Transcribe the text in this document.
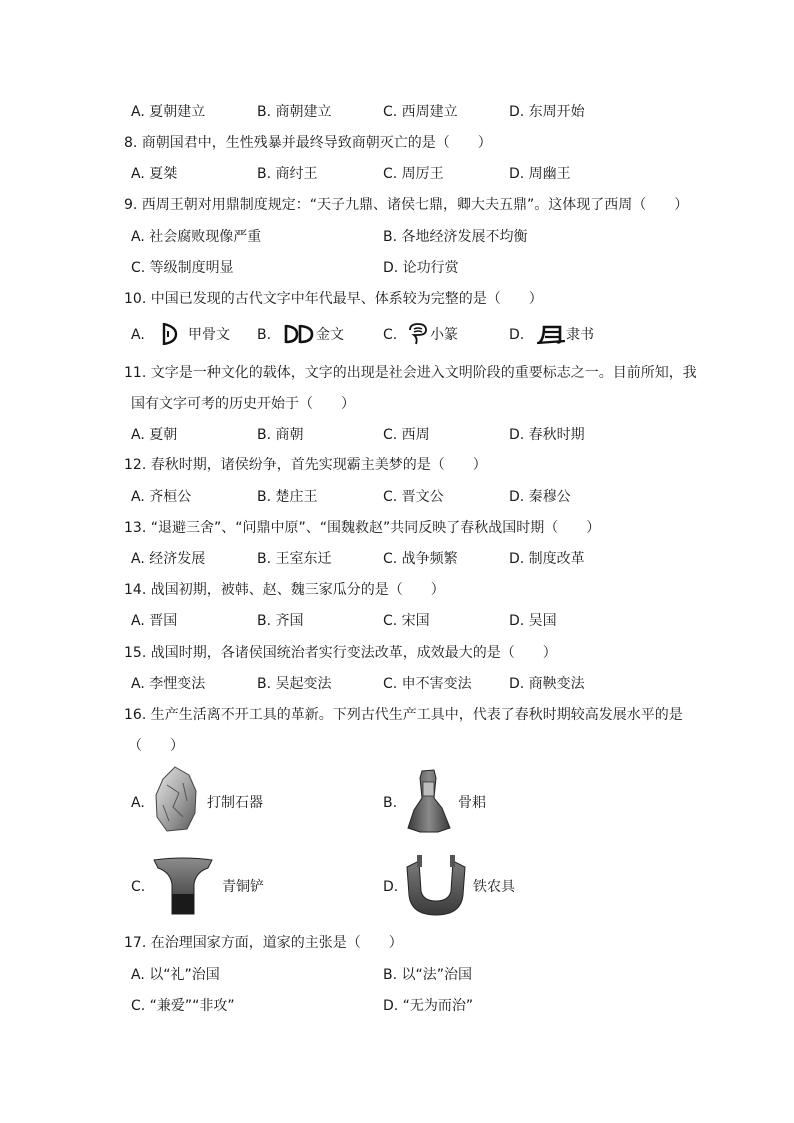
A. 夏朝建立	B. 商朝建立	C. 西周建立	D. 东周开始
8. 商朝国君中，生性残暴并最终导致商朝灭亡的是（　　）
A. 夏桀	B. 商纣王	C. 周厉王	D. 周幽王
9. 西周王朝对用鼎制度规定：“天子九鼎、诸侯七鼎，卿大夫五鼎”。这体现了西周（　　）
A. 社会腐败现像严重	B. 各地经济发展不均衡
C. 等级制度明显	D. 论功行赏
10. 中国已发现的古代文字中年代最早、体系较为完整的是（　　）
A.	甲骨文 B.	金文	C. 小篆	D.	隶书
11. 文字是一种文化的载体，文字的出现是社会进入文明阶段的重要标志之一。目前所知，我
国有文字可考的历史开始于（　　）
A. 夏朝	B. 商朝	C. 西周	D. 春秋时期
12. 春秋时期，诸侯纷争，首先实现霸主美梦的是（　　）
A. 齐桓公	B. 楚庄王	C. 晋文公	D. 秦穆公
13. “退避三舍”、“问鼎中原”、“围魏救赵”共同反映了春秋战国时期（　　）
A. 经济发展	B. 王室东迁	C. 战争频繁	D. 制度改革
14. 战国初期，被韩、赵、魏三家瓜分的是（　　）
A. 晋国	B. 齐国	C. 宋国	D. 吴国
15. 战国时期，各诸侯国统治者实行变法改革，成效最大的是（　　）
A. 李悝变法	B. 吴起变法	C. 申不害变法	D. 商鞅变法
16. 生产生活离不开工具的革新。下列古代生产工具中，代表了春秋时期较高发展水平的是
（　　）
A.	打制石器	B.	骨耜
C.	青铜铲	D.	铁农具
17. 在治理国家方面，道家的主张是（　　）
A. 以“礼”治国	B. 以“法”治国
C. “兼爱”“非攻”	D. “无为而治”
